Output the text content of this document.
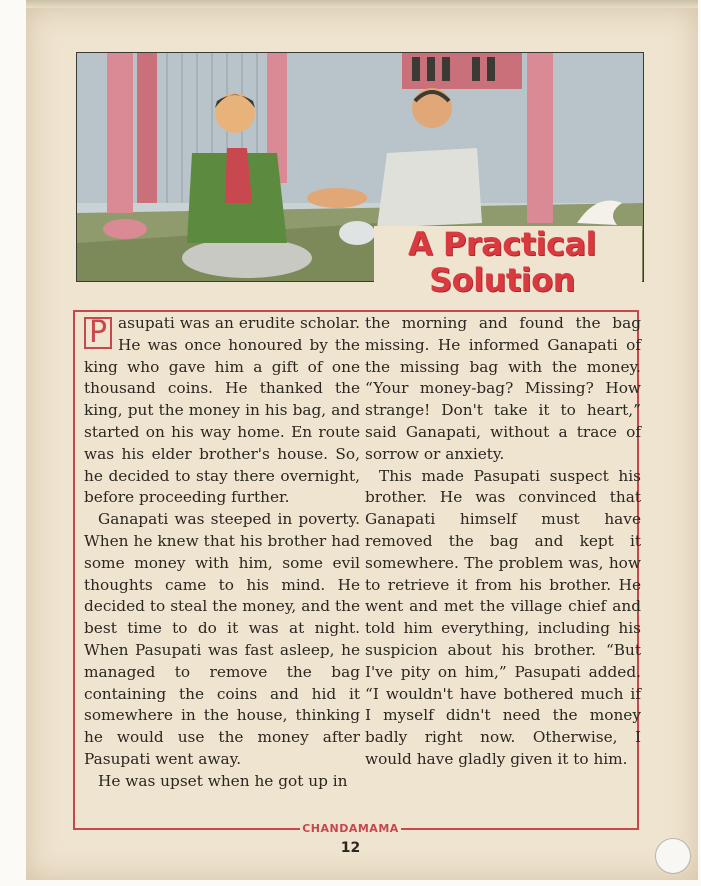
A Practical
Solution
P asupati was an erudite scholar. He was once honoured by the king who gave him a gift of one thousand coins. He thanked the king, put the money in his bag, and started on his way home. En route was his elder brother's house. So, he decided to stay there overnight, before proceeding further.

Ganapati was steeped in poverty. When he knew that his brother had some money with him, some evil thoughts came to his mind. He decided to steal the money, and the best time to do it was at night. When Pasupati was fast asleep, he managed to remove the bag containing the coins and hid it somewhere in the house, thinking he would use the money after Pasupati went away.

He was upset when he got up in

the morning and found the bag missing. He informed Ganapati of the missing bag with the money. “Your money-bag? Missing? How strange! Don't take it to heart,” said Ganapati, without a trace of sorrow or anxiety.

This made Pasupati suspect his brother. He was convinced that Ganapati himself must have removed the bag and kept it somewhere. The problem was, how to retrieve it from his brother. He went and met the village chief and told him everything, including his suspicion about his brother. “But I've pity on him,” Pasupati added. “I wouldn't have bothered much if I myself didn't need the money badly right now. Otherwise, I would have gladly given it to him.

CHANDAMAMA
12
